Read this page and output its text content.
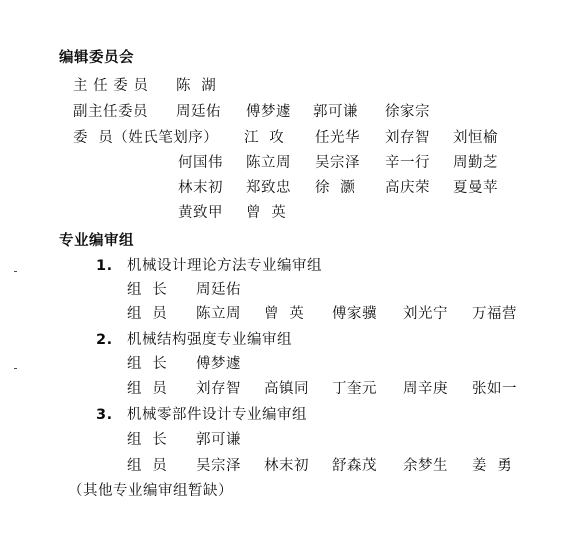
编辑委员会
主 任 委 员 陈  湖
副主任委员 周廷佑 傅梦遽 郭可谦 徐家宗
委  员（姓氏笔划序） 江  攻 任光华 刘存智 刘恒榆
何国伟 陈立周 吴宗泽 辛一行 周勤芝
林末初 郑致忠 徐  灏 高庆荣 夏曼苹
黄致甲 曾  英
专业编审组
1. 机械设计理论方法专业编审组
组  长 周廷佑
组  员 陈立周 曾  英 傅家骥 刘光宁 万福营
2. 机械结构强度专业编审组
组  长 傅梦遽
组  员 刘存智 高镇同 丁奎元 周辛庚 张如一
3. 机械零部件设计专业编审组
组  长 郭可谦
组  员 吴宗泽 林末初 舒森茂 余梦生 姜  勇
（其他专业编审组暂缺）
